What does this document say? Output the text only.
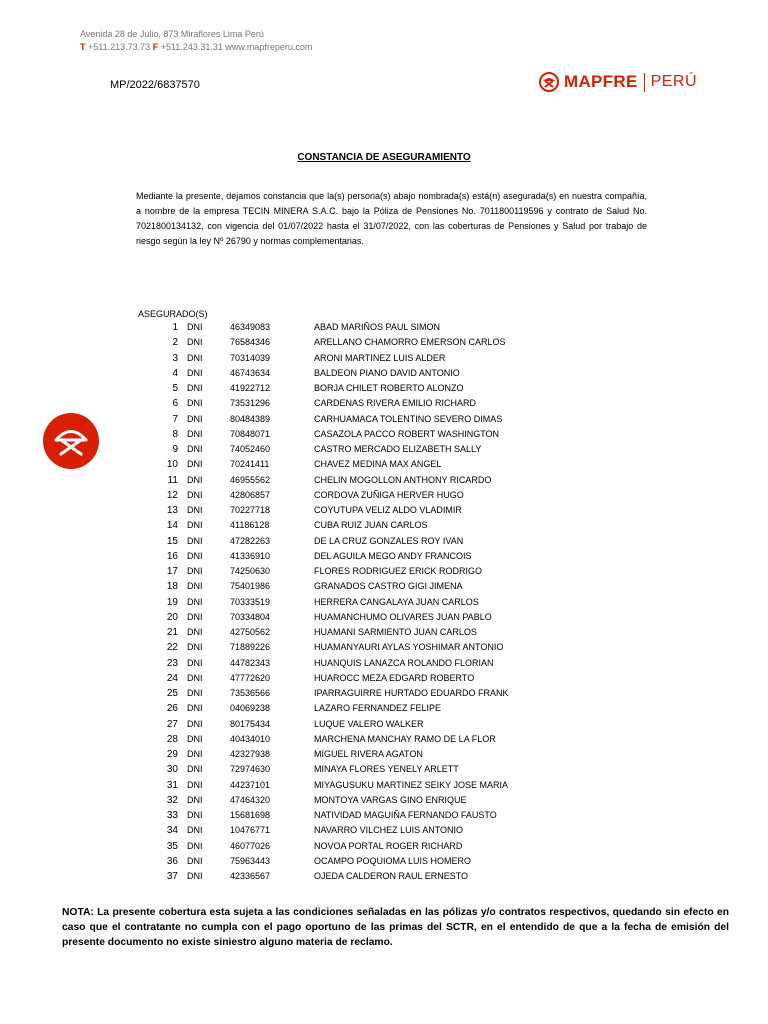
Avenida 28 de Julio, 873 Miraflores Lima Perú
T +511.213.73.73 F +511.243.31.31 www.mapfreperu.com
MP/2022/6837570	MAPFRE PERÚ
CONSTANCIA DE ASEGURAMIENTO
Mediante la presente, dejamos constancia que la(s) persona(s) abajo nombrada(s) está(n) asegurada(s) en nuestra compañía, a nombre de la empresa TECIN MINERA S.A.C. bajo la Póliza de Pensiones No. 7011800119596 y contrato de Salud No. 7021800134132, con vigencia del 01/07/2022 hasta el 31/07/2022, con las coberturas de Pensiones y Salud por trabajo de riesgo según la ley Nº 26790 y normas complementarias.
ASEGURADO(S)
1 DNI	46349083	ABAD MARIÑOS PAUL SIMON
2 DNI	76584346	ARELLANO CHAMORRO EMERSON CARLOS
3 DNI	70314039	ARONI MARTINEZ LUIS ALDER
4 DNI	46743634	BALDEON PIANO DAVID ANTONIO
5 DNI	41922712	BORJA CHILET ROBERTO ALONZO
6 DNI	73531296	CARDENAS RIVERA EMILIO RICHARD
7 DNI	80484389	CARHUAMACA TOLENTINO SEVERO DIMAS
8 DNI	70848071	CASAZOLA PACCO ROBERT WASHINGTON
9 DNI	74052460	CASTRO MERCADO ELIZABETH SALLY
10 DNI	70241411	CHAVEZ MEDINA MAX ANGEL
11 DNI	46955562	CHELIN MOGOLLON ANTHONY RICARDO
12 DNI	42806857	CORDOVA ZUÑIGA HERVER HUGO
13 DNI	70227718	COYUTUPA VELIZ ALDO VLADIMIR
14 DNI	41186128	CUBA RUIZ JUAN CARLOS
15 DNI	47282263	DE LA CRUZ GONZALES ROY IVAN
16 DNI	41336910	DEL AGUILA MEGO ANDY FRANCOIS
17 DNI	74250630	FLORES RODRIGUEZ ERICK RODRIGO
18 DNI	75401986	GRANADOS CASTRO GIGI JIMENA
19 DNI	70333519	HERRERA CANGALAYA JUAN CARLOS
20 DNI	70334804	HUAMANCHUMO OLIVARES JUAN PABLO
21 DNI	42750562	HUAMANI SARMIENTO JUAN CARLOS
22 DNI	71889226	HUAMANYAURI AYLAS YOSHIMAR ANTONIO
23 DNI	44782343	HUANQUIS LANAZCA ROLANDO FLORIAN
24 DNI	47772620	HUAROCC MEZA EDGARD ROBERTO
25 DNI	73536566	IPARRAGUIRRE HURTADO EDUARDO FRANK
26 DNI	04069238	LAZARO FERNANDEZ FELIPE
27 DNI	80175434	LUQUE VALERO WALKER
28 DNI	40434010	MARCHENA MANCHAY RAMO DE LA FLOR
29 DNI	42327938	MIGUEL RIVERA AGATON
30 DNI	72974630	MINAYA FLORES YENELY ARLETT
31 DNI	44237101	MIYAGUSUKU MARTINEZ SEIKY JOSE MARIA
32 DNI	47464320	MONTOYA VARGAS GINO ENRIQUE
33 DNI	15681698	NATIVIDAD MAGUIÑA FERNANDO FAUSTO
34 DNI	10476771	NAVARRO VILCHEZ LUIS ANTONIO
35 DNI	46077026	NOVOA PORTAL ROGER RICHARD
36 DNI	75963443	OCAMPO POQUIOMA LUIS HOMERO
37 DNI	42336567	OJEDA CALDERON RAUL ERNESTO
NOTA: La presente cobertura esta sujeta a las condiciones señaladas en las pólizas y/o contratos respectivos, quedando sin efecto en caso que el contratante no cumpla con el pago oportuno de las primas del SCTR, en el entendido de que a la fecha de emisión del presente documento no existe siniestro alguno materia de reclamo.
